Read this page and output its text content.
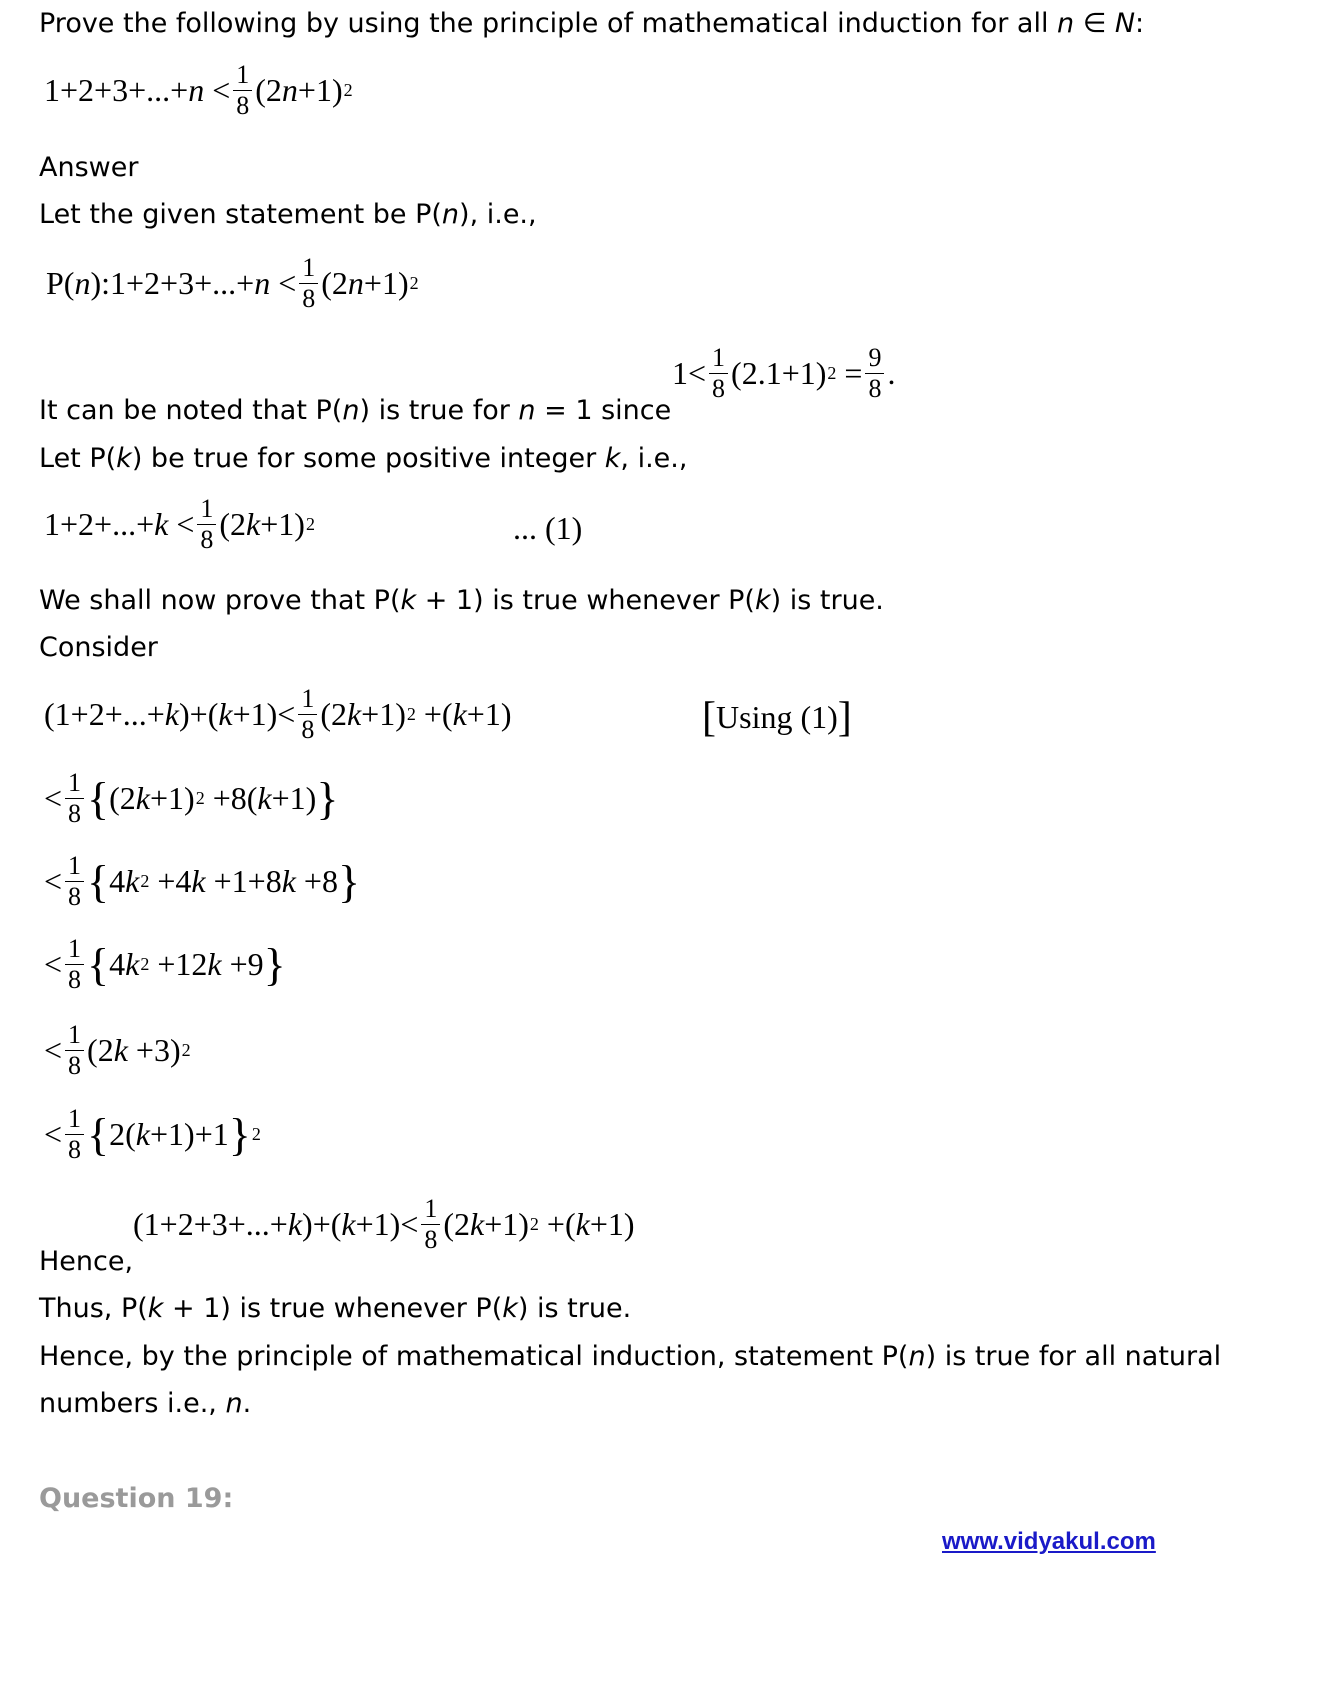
Prove the following by using the principle of mathematical induction for all n ∈ N:
$1+2+3+...+ n < \frac{1}{8} (2$ n +1) 2
Answer
Let the given statement be P(n), i.e.,
P( n ):1+2+3+...+ $n < \frac{1}{8} (2$ n +1) 2
It can be noted that P(n) is true for n = 1 since
$1< \frac{1}{8} (2.1+1) 2 = \frac{9}{8}$ .
Let P(k) be true for some positive integer k, i.e.,
$1+2+...+ k < \frac{1}{8} (2$ k +1) 2	... (1)
We shall now prove that P(k + 1) is true whenever P(k) is true.
Consider
(1+2+...+ k )+( $k +1)< \frac{1}{8} (2$ k +1) 2 +( k +1)	[Using (1)]
< $\frac{1}{8}$ { (2 k +1) 2 +8( k +1) }
< $\frac{1}{8}$ { 4 k 2 +4 k +1+8 k +8 }
< $\frac{1}{8}$ { 4 k 2 +12 k +9 }
< $\frac{1}{8} (2$ k +3) 2
< $\frac{1}{8}$ { 2( k +1)+1 } 2
(1+2+3+...+ k )+( $k +1)< \frac{1}{8} (2$ k +1) 2 +( k +1)
Hence,
Thus, P(k + 1) is true whenever P(k) is true.
Hence, by the principle of mathematical induction, statement P(n) is true for all natural
numbers i.e., n.
Question 19:
www.vidyakul.com
